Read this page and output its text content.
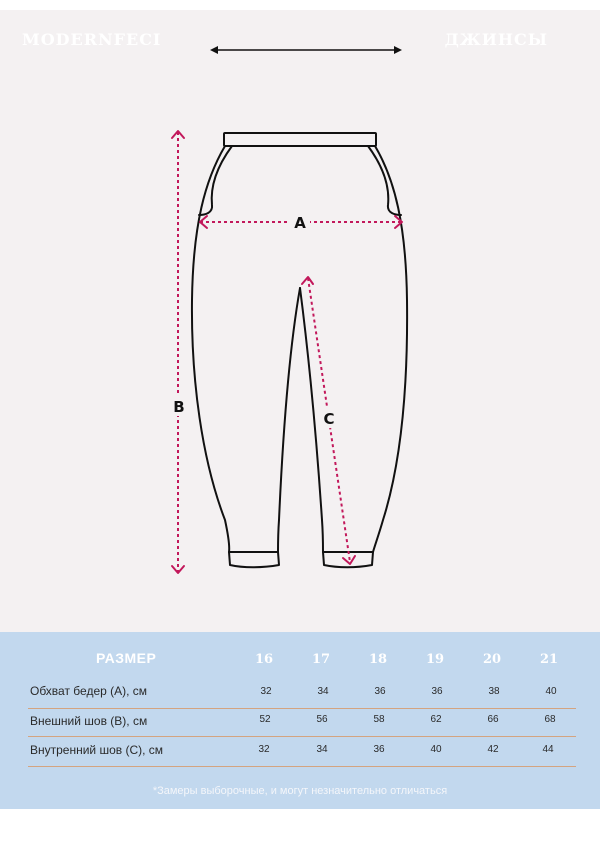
MODERNFECI	ДЖИНСЫ
A
B
C
РАЗМЕР	16	17	18	19	20	21
Обхват бедер (А), см	32	34	36	36	38	40
Внешний шов (В), см	52	56	58	62	66	68
Внутренний шов (С), см	32	34	36	40	42	44
*Замеры выборочные, и могут незначительно отличаться
